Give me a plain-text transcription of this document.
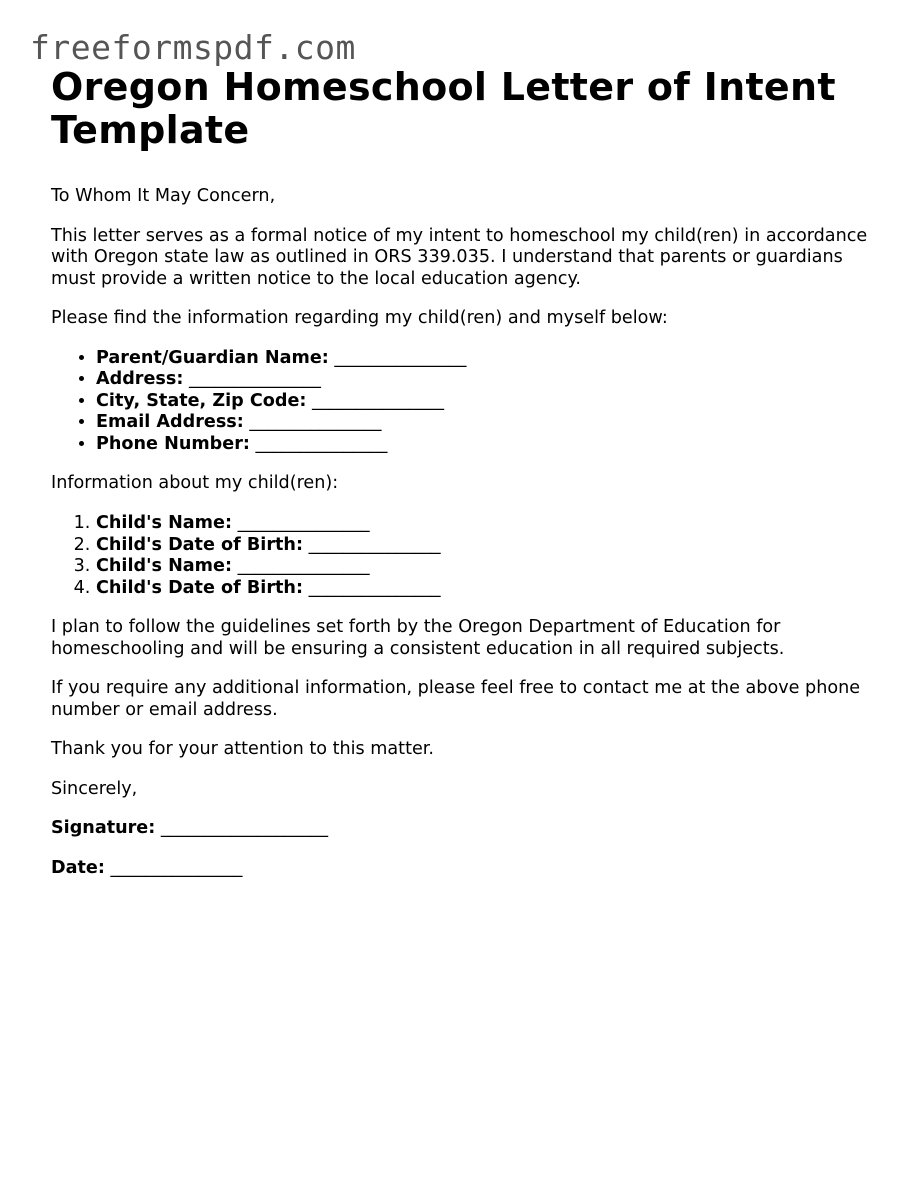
freeformspdf.com
Oregon Homeschool Letter of Intent Template

To Whom It May Concern,

This letter serves as a formal notice of my intent to homeschool my child(ren) in accordance with Oregon state law as outlined in ORS 339.035. I understand that parents or guardians must provide a written notice to the local education agency.

Please find the information regarding my child(ren) and myself below:

• Parent/Guardian Name: _______________
• Address: _______________
• City, State, Zip Code: _______________
• Email Address: _______________
• Phone Number: _______________

Information about my child(ren):

1. Child's Name: _______________
2. Child's Date of Birth: _______________
3. Child's Name: _______________
4. Child's Date of Birth: _______________

I plan to follow the guidelines set forth by the Oregon Department of Education for homeschooling and will be ensuring a consistent education in all required subjects.

If you require any additional information, please feel free to contact me at the above phone number or email address.

Thank you for your attention to this matter.

Sincerely,

Signature: ___________________

Date: _______________
